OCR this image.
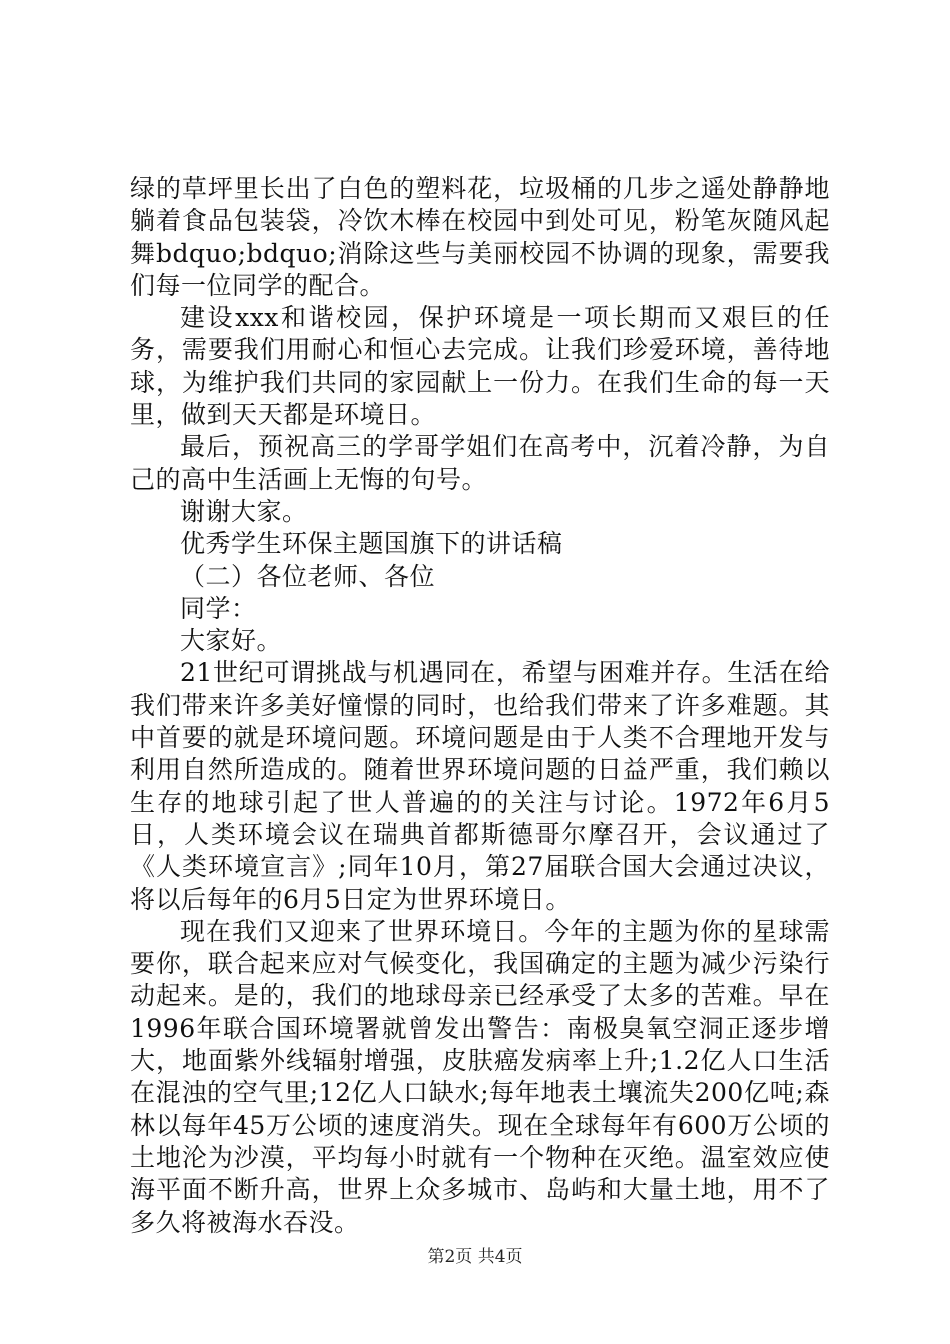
绿的草坪里长出了白色的塑料花，垃圾桶的几步之遥处静静地躺着食品包装袋，冷饮木棒在校园中到处可见，粉笔灰随风起舞bdquo;bdquo;消除这些与美丽校园不协调的现象，需要我们每一位同学的配合。

建设xxx和谐校园，保护环境是一项长期而又艰巨的任务，需要我们用耐心和恒心去完成。让我们珍爱环境，善待地球，为维护我们共同的家园献上一份力。在我们生命的每一天里，做到天天都是环境日。

最后，预祝高三的学哥学姐们在高考中，沉着冷静，为自己的高中生活画上无悔的句号。

谢谢大家。

优秀学生环保主题国旗下的讲话稿

（二）各位老师、各位

同学：

大家好。

21世纪可谓挑战与机遇同在，希望与困难并存。生活在给我们带来许多美好憧憬的同时，也给我们带来了许多难题。其中首要的就是环境问题。环境问题是由于人类不合理地开发与利用自然所造成的。随着世界环境问题的日益严重，我们赖以生存的地球引起了世人普遍的的关注与讨论。1972年6月5日，人类环境会议在瑞典首都斯德哥尔摩召开，会议通过了《人类环境宣言》;同年10月，第27届联合国大会通过决议，将以后每年的6月5日定为世界环境日。

现在我们又迎来了世界环境日。今年的主题为你的星球需要你，联合起来应对气候变化，我国确定的主题为减少污染行动起来。是的，我们的地球母亲已经承受了太多的苦难。早在1996年联合国环境署就曾发出警告：南极臭氧空洞正逐步增大，地面紫外线辐射增强，皮肤癌发病率上升;1.2亿人口生活在混浊的空气里;12亿人口缺水;每年地表土壤流失200亿吨;森林以每年45万公顷的速度消失。现在全球每年有600万公顷的土地沦为沙漠，平均每小时就有一个物种在灭绝。温室效应使海平面不断升高，世界上众多城市、岛屿和大量土地，用不了多久将被海水吞没。

第2页 共4页
